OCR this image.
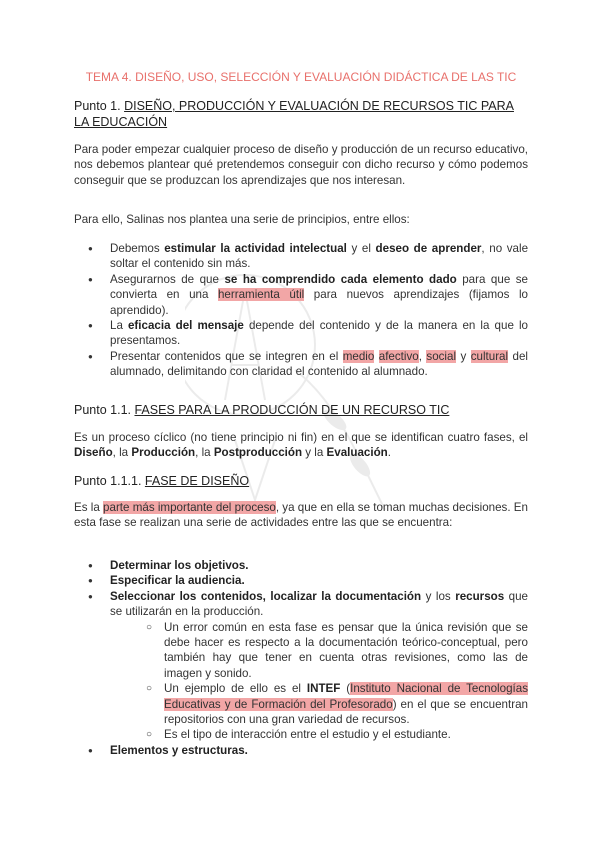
TEMA 4. DISEÑO, USO, SELECCIÓN Y EVALUACIÓN DIDÁCTICA DE LAS TIC
Punto 1. DISEÑO, PRODUCCIÓN Y EVALUACIÓN DE RECURSOS TIC PARA LA EDUCACIÓN
Para poder empezar cualquier proceso de diseño y producción de un recurso educativo, nos debemos plantear qué pretendemos conseguir con dicho recurso y cómo podemos conseguir que se produzcan los aprendizajes que nos interesan.
Para ello, Salinas nos plantea una serie de principios, entre ellos:
● Debemos estimular la actividad intelectual y el deseo de aprender, no vale soltar el contenido sin más.
● Asegurarnos de que se ha comprendido cada elemento dado para que se convierta en una herramienta útil para nuevos aprendizajes (fijamos lo aprendido).
● La eficacia del mensaje depende del contenido y de la manera en la que lo presentamos.
● Presentar contenidos que se integren en el medio afectivo, social y cultural del alumnado, delimitando con claridad el contenido al alumnado.
Punto 1.1. FASES PARA LA PRODUCCIÓN DE UN RECURSO TIC
Es un proceso cíclico (no tiene principio ni fin) en el que se identifican cuatro fases, el Diseño, la Producción, la Postproducción y la Evaluación.
Punto 1.1.1. FASE DE DISEÑO
Es la parte más importante del proceso, ya que en ella se toman muchas decisiones. En esta fase se realizan una serie de actividades entre las que se encuentra:
● Determinar los objetivos.
● Especificar la audiencia.
● Seleccionar los contenidos, localizar la documentación y los recursos que se utilizarán en la producción.
○ Un error común en esta fase es pensar que la única revisión que se debe hacer es respecto a la documentación teórico-conceptual, pero también hay que tener en cuenta otras revisiones, como las de imagen y sonido.
○ Un ejemplo de ello es el INTEF (Instituto Nacional de Tecnologías Educativas y de Formación del Profesorado) en el que se encuentran repositorios con una gran variedad de recursos.
○ Es el tipo de interacción entre el estudio y el estudiante.
● Elementos y estructuras.
